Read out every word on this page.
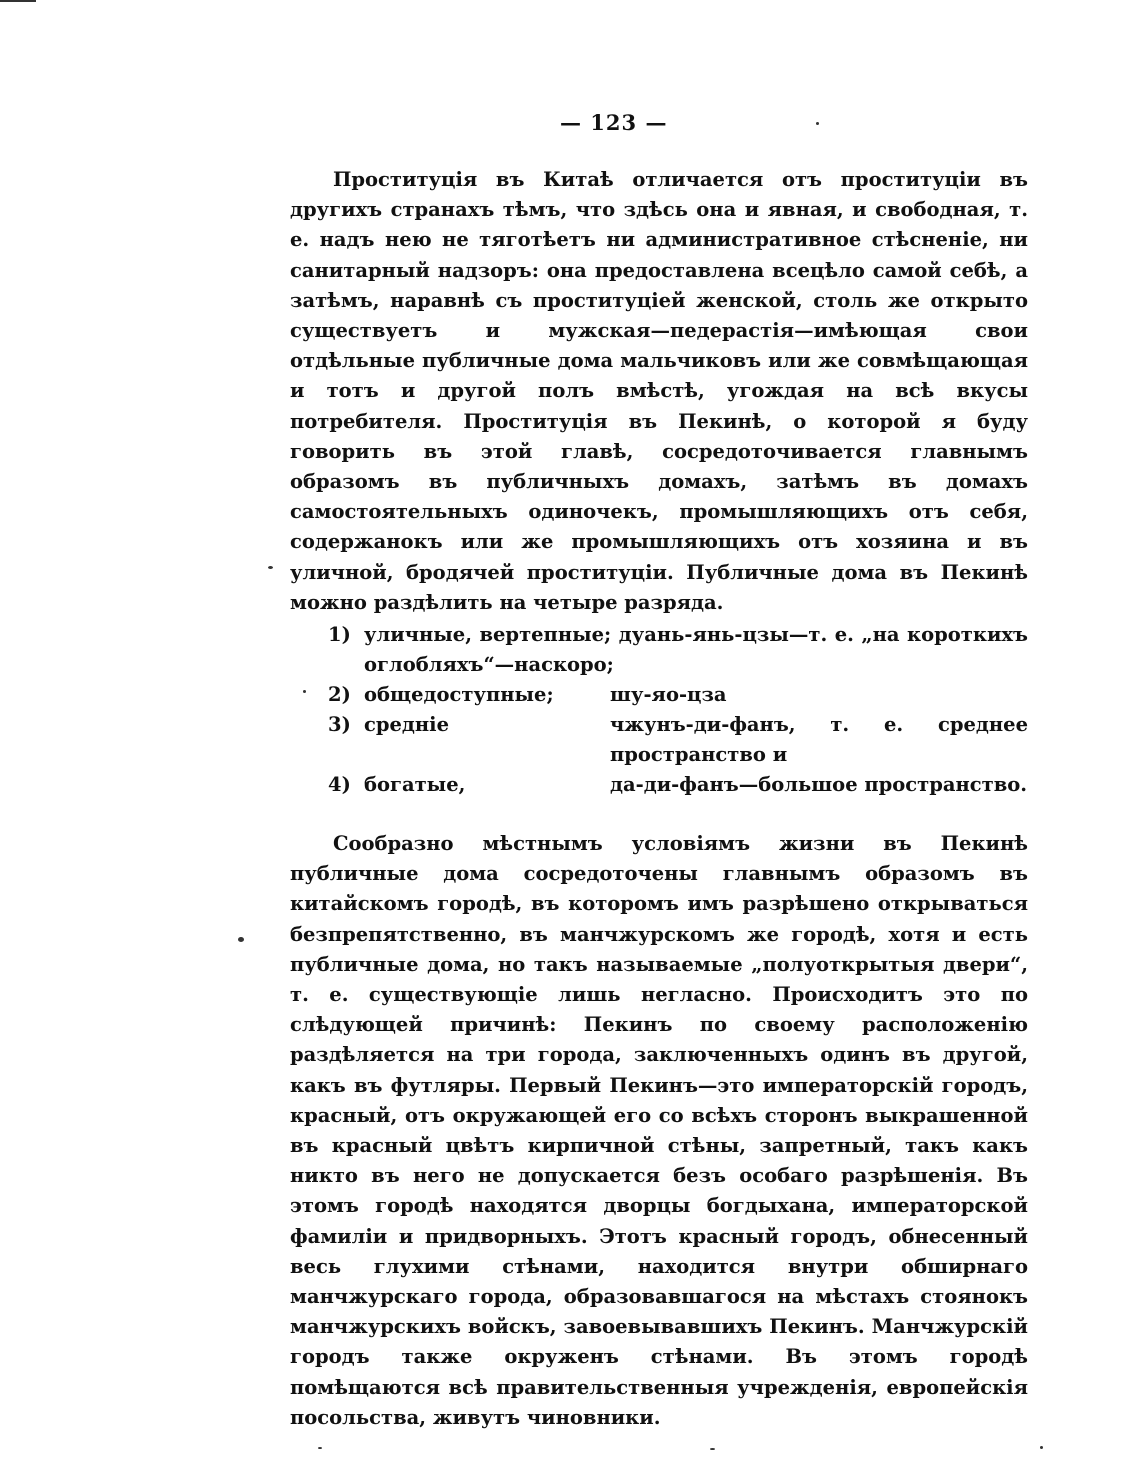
— 123 —

Проституція въ Китаѣ отличается отъ проституціи въ другихъ странахъ тѣмъ, что здѣсь она и явная, и свободная, т. е. надъ нею не тяготѣетъ ни административное стѣсненіе, ни санитарный надзоръ: она предоставлена всецѣло самой себѣ, а затѣмъ, наравнѣ съ проституціей женской, столь же открыто существуетъ и мужская—педерастія—имѣющая свои отдѣльные публичные дома мальчиковъ или же совмѣщающая и тотъ и другой полъ вмѣстѣ, угождая на всѣ вкусы потребителя. Проституція въ Пекинѣ, о которой я буду говорить въ этой главѣ, сосредоточивается главнымъ образомъ въ публичныхъ домахъ, затѣмъ въ домахъ самостоятельныхъ одиночекъ, промышляющихъ отъ себя, содержанокъ или же промышляющихъ отъ хозяина и въ уличной, бродячей проституціи. Публичные дома въ Пекинѣ можно раздѣлить на четыре разряда.

1) уличные, вертепные; дуань-янь-цзы—т. е. „на короткихъ оглобляхъ“—наскоро;
2) общедоступные;	шу-яо-цза
3) средніе	чжунъ-ди-фанъ, т. е. среднее пространство и
4) богатые,	да-ди-фанъ—большое пространство.

Сообразно мѣстнымъ условіямъ жизни въ Пекинѣ публичные дома сосредоточены главнымъ образомъ въ китайскомъ городѣ, въ которомъ имъ разрѣшено открываться безпрепятственно, въ манчжурскомъ же городѣ, хотя и есть публичные дома, но такъ называемые „полуоткрытыя двери“, т. е. существующіе лишь негласно. Происходитъ это по слѣдующей причинѣ: Пекинъ по своему расположенію раздѣляется на три города, заключенныхъ одинъ въ другой, какъ въ футляры. Первый Пекинъ—это императорскій городъ, красный, отъ окружающей его со всѣхъ сторонъ выкрашенной въ красный цвѣтъ кирпичной стѣны, запретный, такъ какъ никто въ него не допускается безъ особаго разрѣшенія. Въ этомъ городѣ находятся дворцы богдыхана, императорской фамиліи и придворныхъ. Этотъ красный городъ, обнесенный весь глухими стѣнами, находится внутри обширнаго манчжурскаго города, образовавшагося на мѣстахъ стоянокъ манчжурскихъ войскъ, завоевывавшихъ Пекинъ. Манчжурскій городъ также окруженъ стѣнами. Въ этомъ городѣ помѣщаются всѣ правительственныя учрежденія, европейскія посольства, живутъ чиновники.
